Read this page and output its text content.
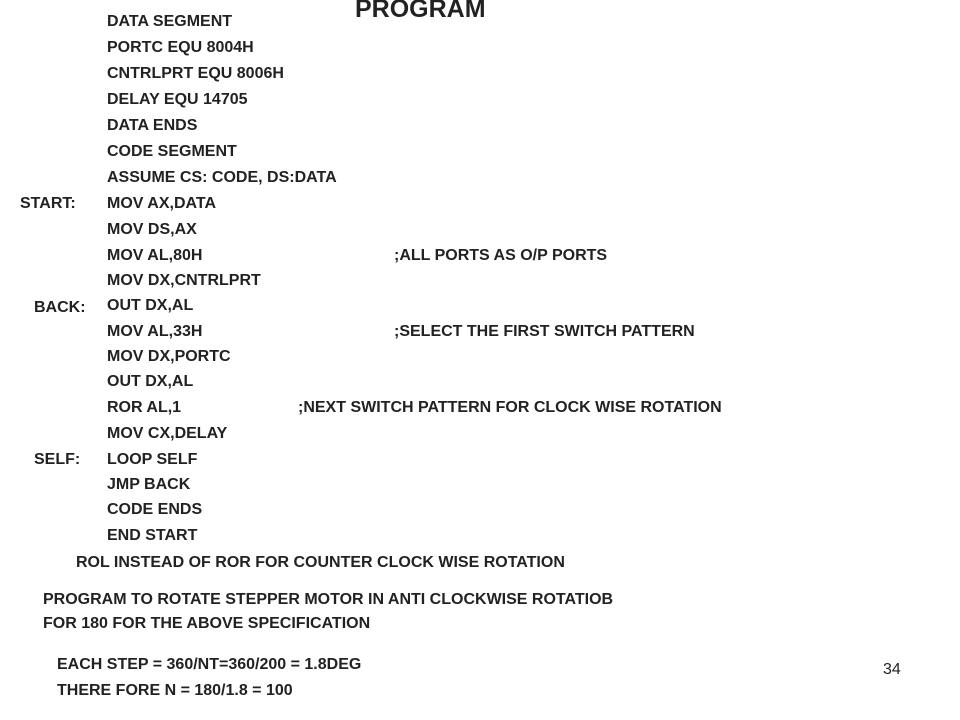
PROGRAM

DATA SEGMENT

PORTC EQU 8004H

CNTRLPRT EQU 8006H

DELAY EQU 14705

DATA ENDS

CODE SEGMENT

ASSUME CS: CODE, DS:DATA

START: MOV AX,DATA

MOV DS,AX

MOV AL,80H	;ALL PORTS AS O/P PORTS

MOV DX,CNTRLPRT

BACK: OUT DX,AL

MOV AL,33H	;SELECT THE FIRST SWITCH PATTERN

MOV DX,PORTC

OUT DX,AL

ROR AL,1	;NEXT SWITCH PATTERN FOR CLOCK WISE ROTATION

MOV CX,DELAY

SELF: LOOP SELF

JMP BACK

CODE ENDS

END START

ROL INSTEAD OF ROR FOR COUNTER CLOCK WISE ROTATION

PROGRAM TO ROTATE STEPPER MOTOR IN ANTI CLOCKWISE ROTATIOB

FOR 180 FOR THE ABOVE SPECIFICATION

EACH STEP = 360/NT=360/200 = 1.8DEG

THERE FORE N = 180/1.8 = 100

34
